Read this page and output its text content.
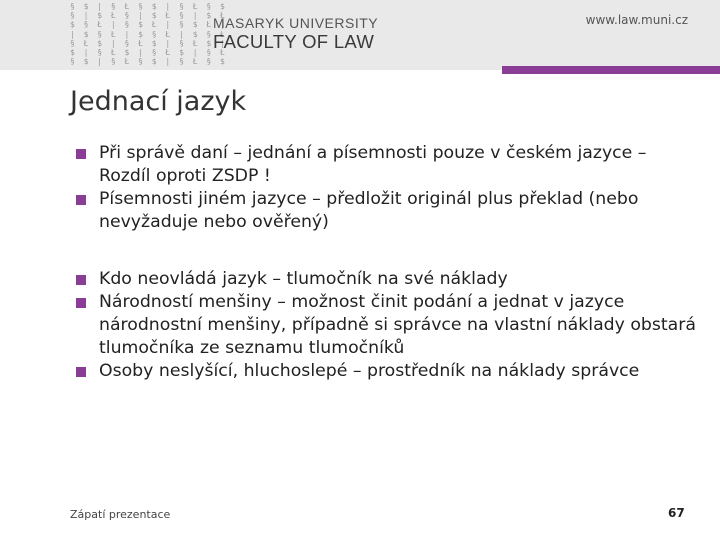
§ $ | § Ł § $ | § Ł § $
§ | $ Ł § | $ Ł § | $ Ł
$ § Ł | § $ Ł | § $ Ł |
| $ § Ł | $ § Ł | $ § Ł
§ Ł $ | § Ł $ | § Ł $ |
$ | § Ł $ | § Ł $ | § Ł
§ $ | § Ł § $ | § Ł § $
MASARYK UNIVERSITY
FACULTY OF LAW
www.law.muni.cz
Jednací jazyk
Při správě daní – jednání a písemnosti pouze v českém jazyce – Rozdíl oproti ZSDP !
Písemnosti jiném jazyce – předložit originál plus překlad (nebo nevyžaduje nebo ověřený)
Kdo neovládá jazyk – tlumočník na své náklady
Národností menšiny – možnost činit podání a jednat v jazyce národnostní menšiny, případně si správce na vlastní náklady obstará tlumočníka ze seznamu tlumočníků
Osoby neslyšící, hluchoslepé – prostředník na náklady správce
Zápatí prezentace	67
